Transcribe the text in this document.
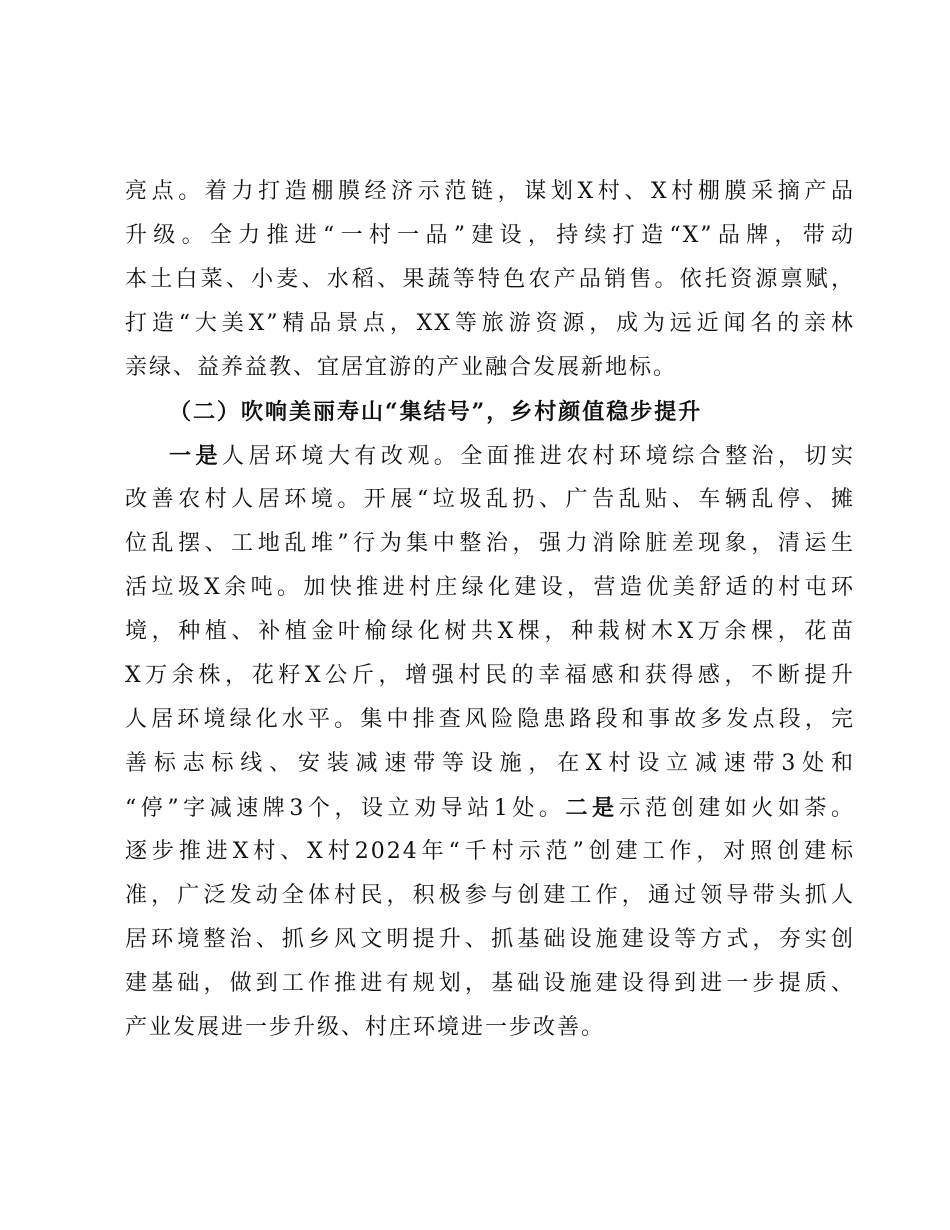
亮点。着力打造棚膜经济示范链，谋划X村、X村棚膜采摘产品
升级。全力推进“一村一品”建设，持续打造“X”品牌，带动
本土白菜、小麦、水稻、果蔬等特色农产品销售。依托资源禀赋，
打造“大美X”精品景点，XX等旅游资源，成为远近闻名的亲林
亲绿、益养益教、宜居宜游的产业融合发展新地标。
（二）吹响美丽寿山“集结号”，乡村颜值稳步提升
一是人居环境大有改观。全面推进农村环境综合整治，切实
改善农村人居环境。开展“垃圾乱扔、广告乱贴、车辆乱停、摊
位乱摆、工地乱堆”行为集中整治，强力消除脏差现象，清运生
活垃圾X余吨。加快推进村庄绿化建设，营造优美舒适的村屯环
境，种植、补植金叶榆绿化树共X棵，种栽树木X万余棵，花苗
X万余株，花籽X公斤，增强村民的幸福感和获得感，不断提升
人居环境绿化水平。集中排查风险隐患路段和事故多发点段，完
善标志标线、安装减速带等设施，在X村设立减速带3处和
“停”字减速牌3个，设立劝导站1处。二是示范创建如火如荼。
逐步推进X村、X村2024年“千村示范”创建工作，对照创建标
准，广泛发动全体村民，积极参与创建工作，通过领导带头抓人
居环境整治、抓乡风文明提升、抓基础设施建设等方式，夯实创
建基础，做到工作推进有规划，基础设施建设得到进一步提质、
产业发展进一步升级、村庄环境进一步改善。
